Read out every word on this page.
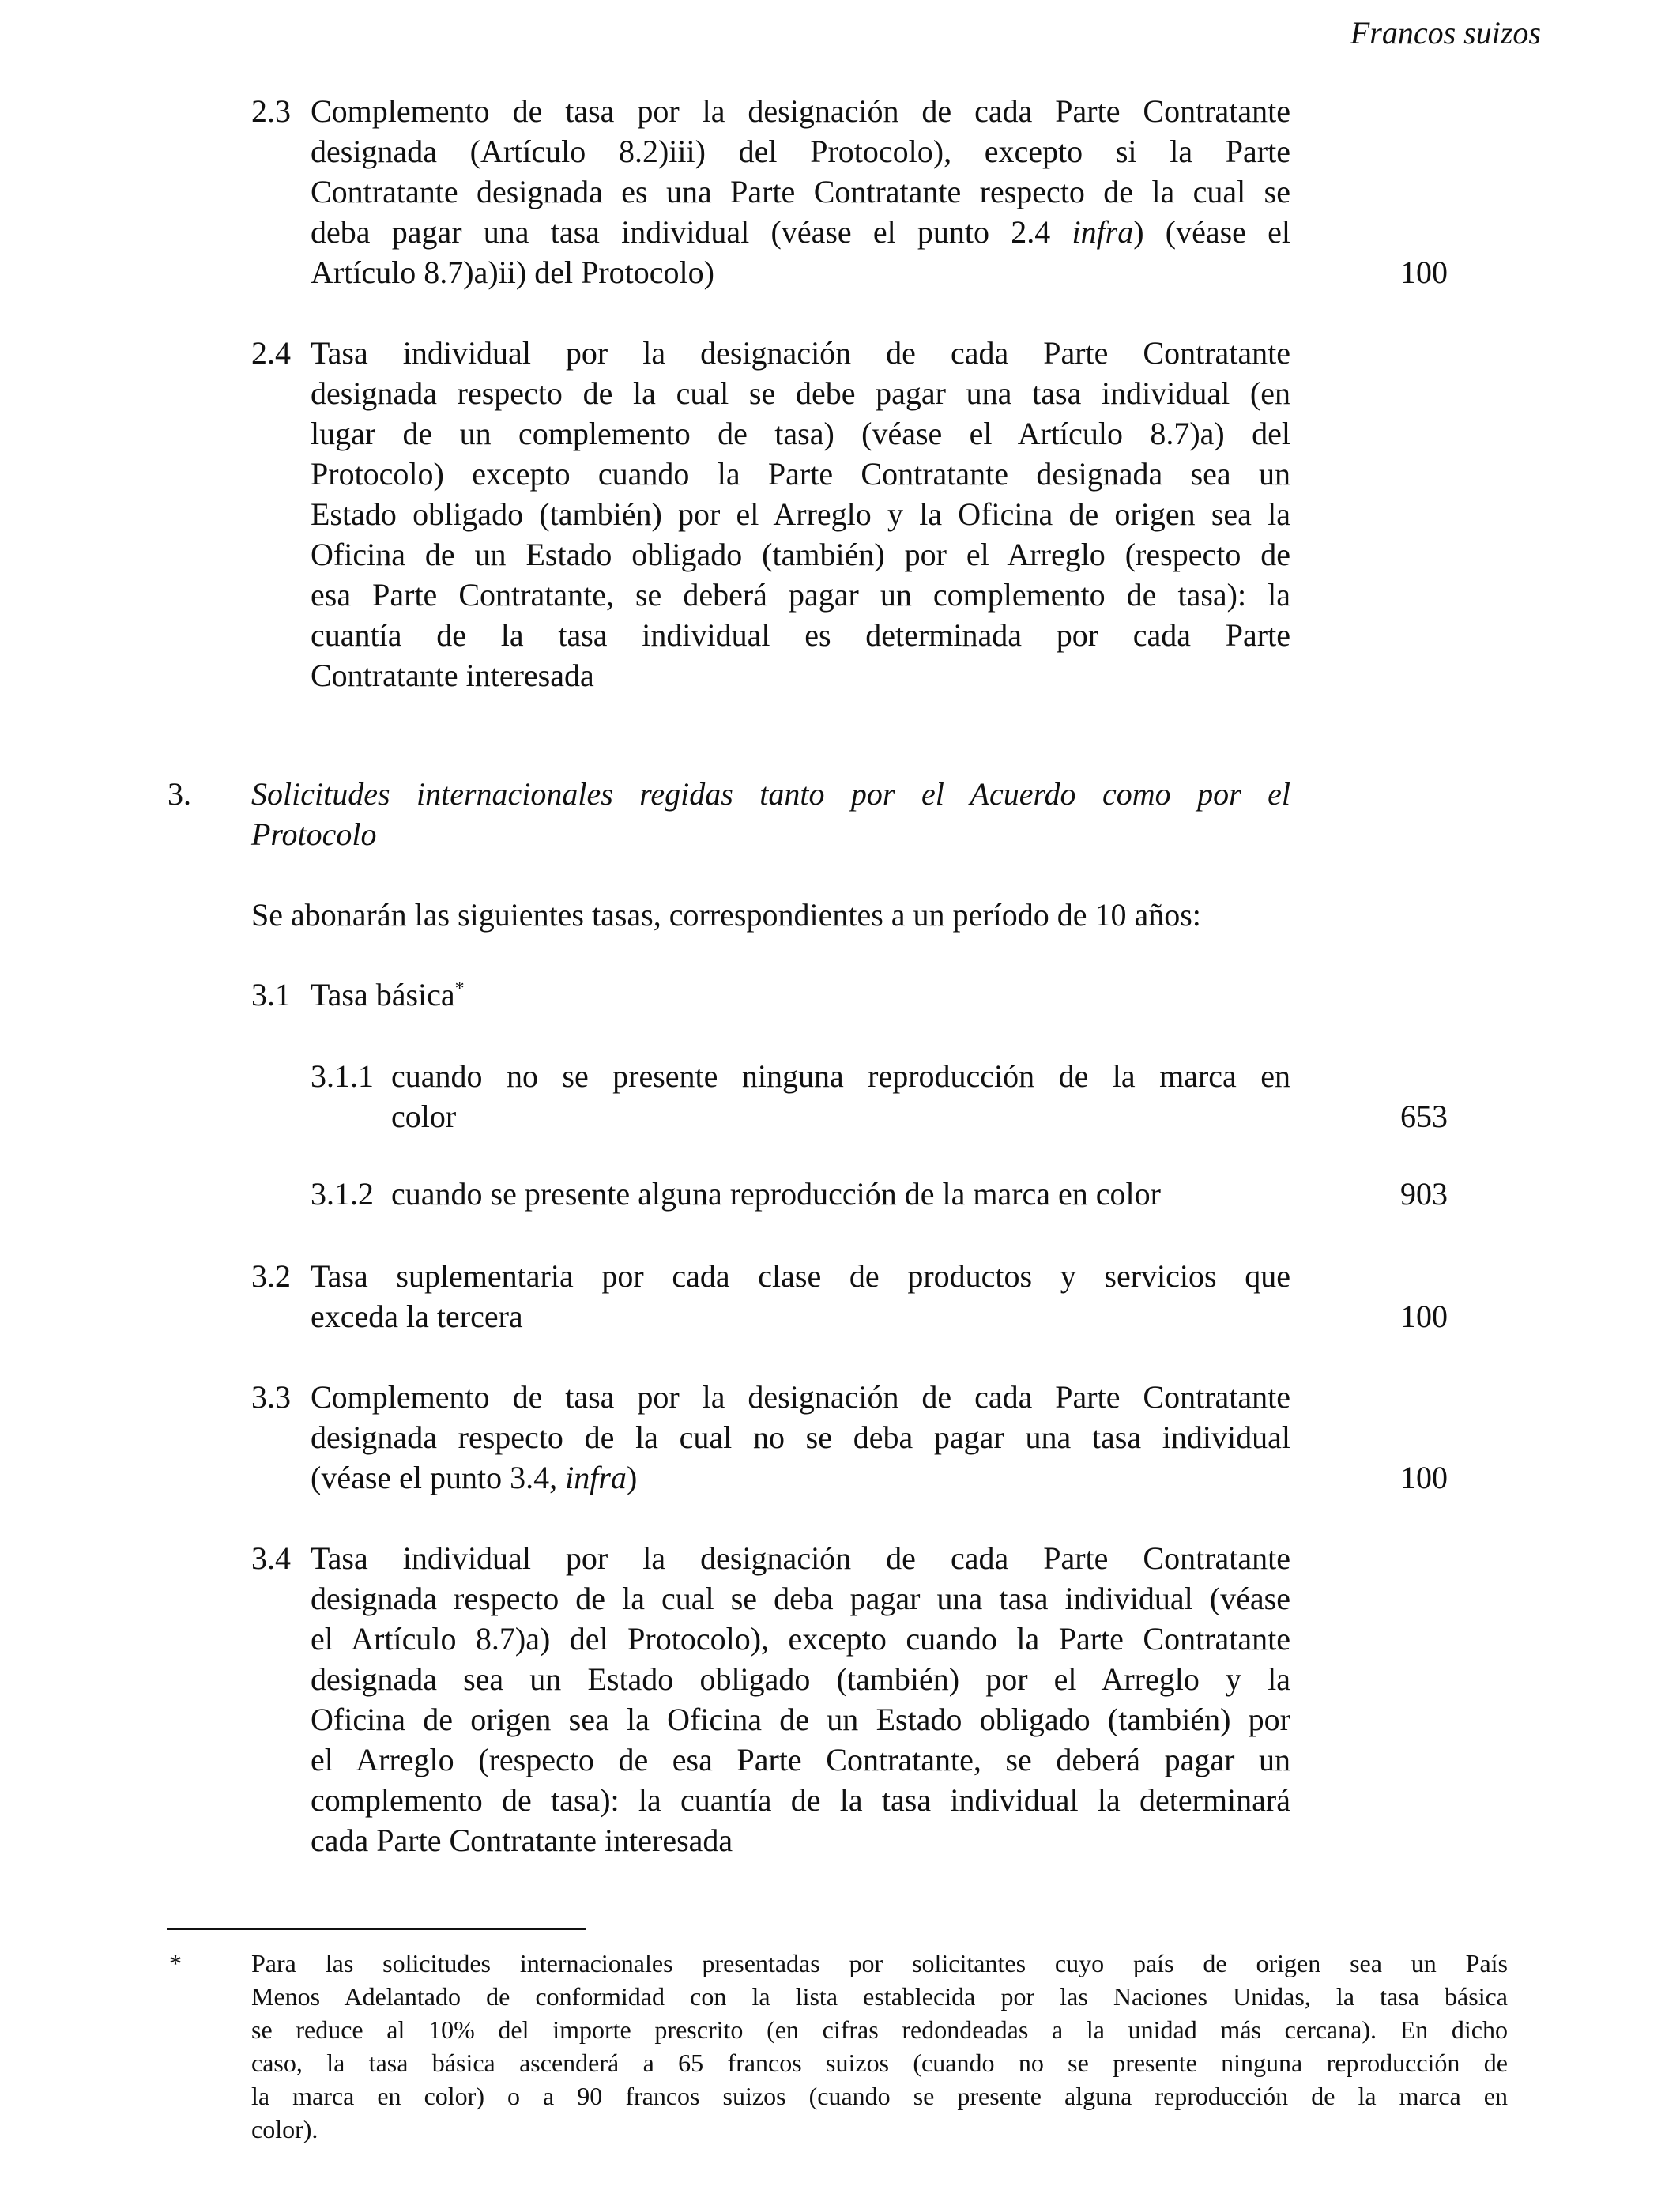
Francos suizos
2.3 Complemento de tasa por la designación de cada Parte Contratante
designada (Artículo 8.2)iii) del Protocolo), excepto si la Parte
Contratante designada es una Parte Contratante respecto de la cual se
deba pagar una tasa individual (véase el punto 2.4 infra) (véase el
Artículo 8.7)a)ii) del Protocolo)	100
2.4 Tasa individual por la designación de cada Parte Contratante
designada respecto de la cual se debe pagar una tasa individual (en
lugar de un complemento de tasa) (véase el Artículo 8.7)a) del
Protocolo) excepto cuando la Parte Contratante designada sea un
Estado obligado (también) por el Arreglo y la Oficina de origen sea la
Oficina de un Estado obligado (también) por el Arreglo (respecto de
esa Parte Contratante, se deberá pagar un complemento de tasa): la
cuantía de la tasa individual es determinada por cada Parte
Contratante interesada
3. Solicitudes internacionales regidas tanto por el Acuerdo como por el
Protocolo
Se abonarán las siguientes tasas, correspondientes a un período de 10 años:
3.1 Tasa básica*
3.1.1 cuando no se presente ninguna reproducción de la marca en
color	653
3.1.2 cuando se presente alguna reproducción de la marca en color	903
3.2 Tasa suplementaria por cada clase de productos y servicios que
exceda la tercera	100
3.3 Complemento de tasa por la designación de cada Parte Contratante
designada respecto de la cual no se deba pagar una tasa individual
(véase el punto 3.4, infra)	100
3.4 Tasa individual por la designación de cada Parte Contratante
designada respecto de la cual se deba pagar una tasa individual (véase
el Artículo 8.7)a) del Protocolo), excepto cuando la Parte Contratante
designada sea un Estado obligado (también) por el Arreglo y la
Oficina de origen sea la Oficina de un Estado obligado (también) por
el Arreglo (respecto de esa Parte Contratante, se deberá pagar un
complemento de tasa): la cuantía de la tasa individual la determinará
cada Parte Contratante interesada
*	Para las solicitudes internacionales presentadas por solicitantes cuyo país de origen sea un País
Menos Adelantado de conformidad con la lista establecida por las Naciones Unidas, la tasa básica
se reduce al 10% del importe prescrito (en cifras redondeadas a la unidad más cercana). En dicho
caso, la tasa básica ascenderá a 65 francos suizos (cuando no se presente ninguna reproducción de
la marca en color) o a 90 francos suizos (cuando se presente alguna reproducción de la marca en
color).
